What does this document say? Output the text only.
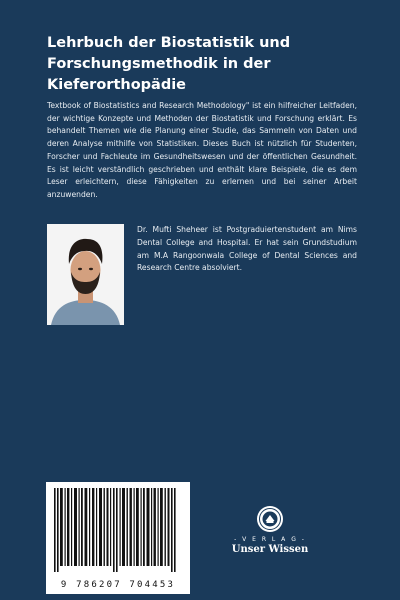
Lehrbuch der Biostatistik und Forschungsmethodik in der Kieferorthopädie

Textbook of Biostatistics and Research Methodology" ist ein hilfreicher Leitfaden, der wichtige Konzepte und Methoden der Biostatistik und Forschung erklärt. Es behandelt Themen wie die Planung einer Studie, das Sammeln von Daten und deren Analyse mithilfe von Statistiken. Dieses Buch ist nützlich für Studenten, Forscher und Fachleute im Gesundheitswesen und der öffentlichen Gesundheit. Es ist leicht verständlich geschrieben und enthält klare Beispiele, die es dem Leser erleichtern, diese Fähigkeiten zu erlernen und bei seiner Arbeit anzuwenden.

Dr. Mufti Sheheer ist Postgraduiertenstudent am Nims Dental College and Hospital. Er hat sein Grundstudium am M.A Rangoonwala College of Dental Sciences and Research Centre absolviert.

9 786207 704453
- V E R L A G -
Unser Wissen
